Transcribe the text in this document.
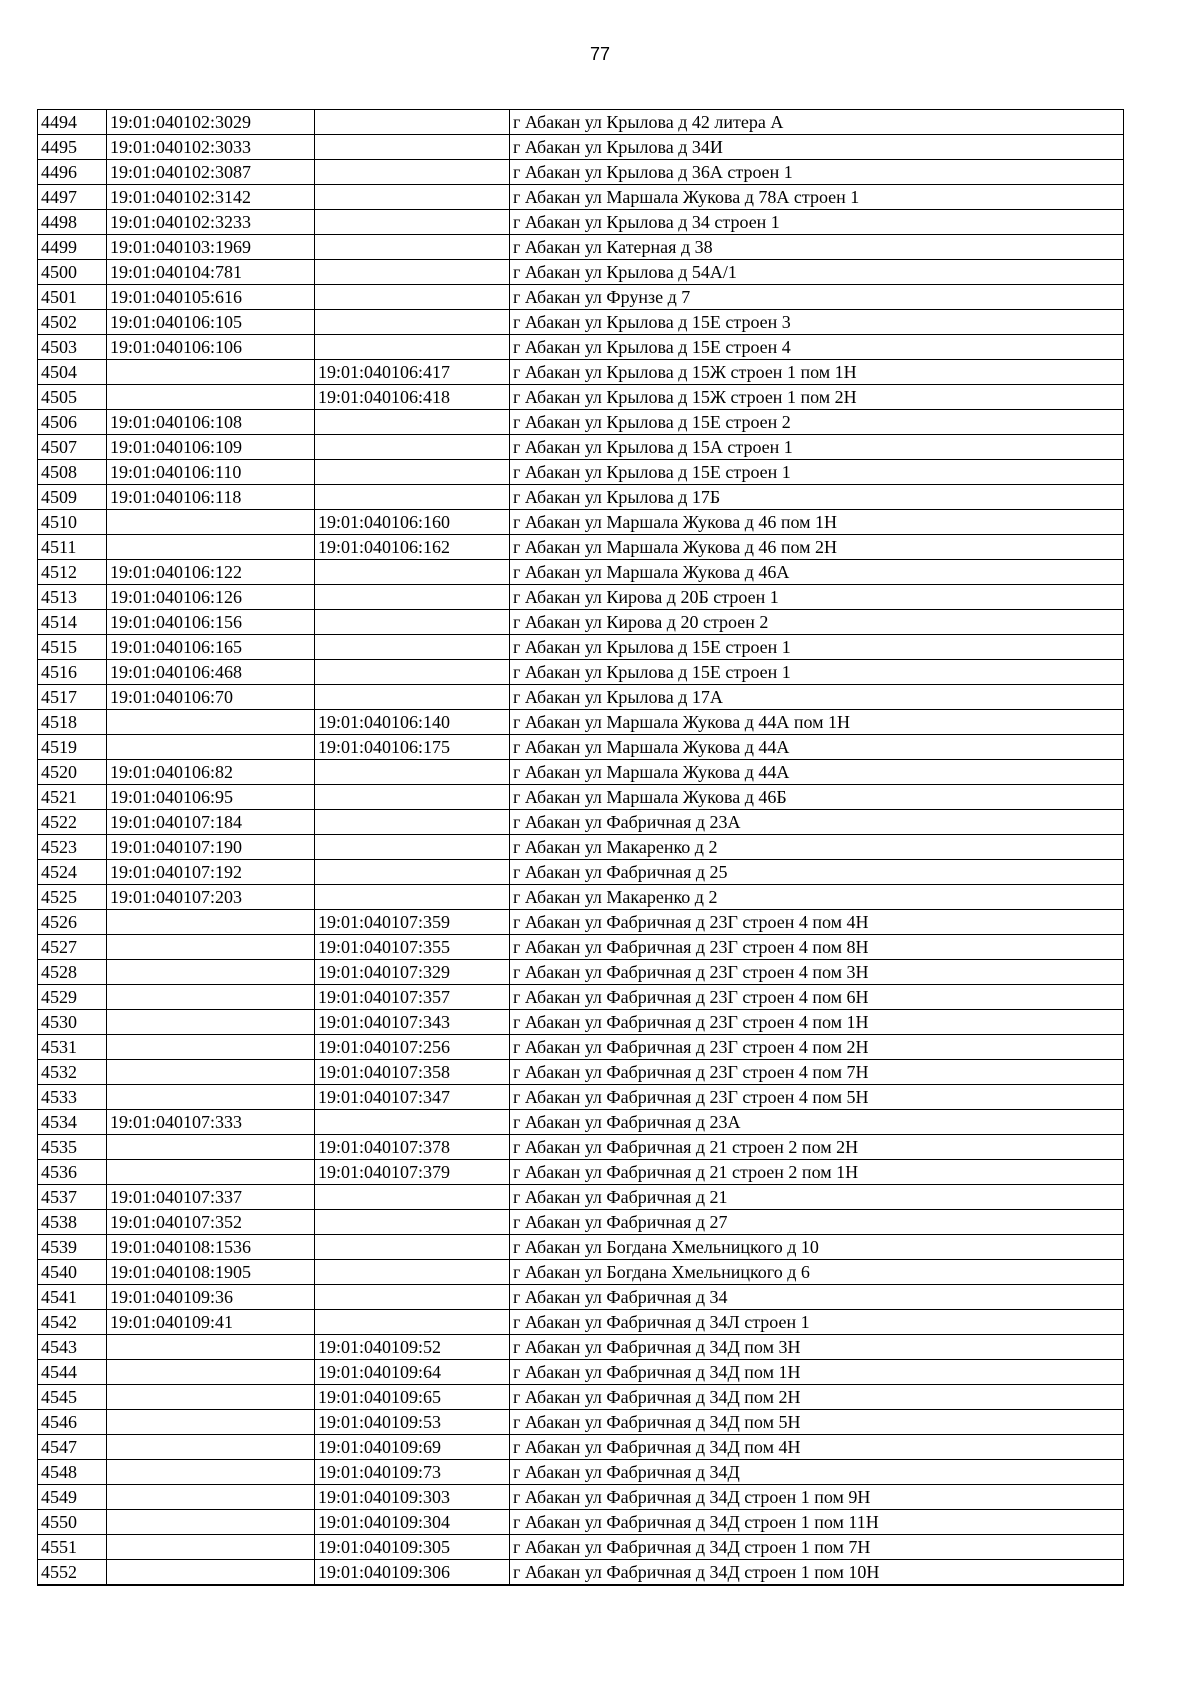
77
4494	19:01:040102:3029		г Абакан ул Крылова д 42 литера А
4495	19:01:040102:3033		г Абакан ул Крылова д 34И
4496	19:01:040102:3087		г Абакан ул Крылова д 36А строен 1
4497	19:01:040102:3142		г Абакан ул Маршала Жукова д 78А строен 1
4498	19:01:040102:3233		г Абакан ул Крылова д 34 строен 1
4499	19:01:040103:1969		г Абакан ул Катерная д 38
4500	19:01:040104:781		г Абакан ул Крылова д 54А/1
4501	19:01:040105:616		г Абакан ул Фрунзе д 7
4502	19:01:040106:105		г Абакан ул Крылова д 15Е строен 3
4503	19:01:040106:106		г Абакан ул Крылова д 15Е строен 4
4504		19:01:040106:417	г Абакан ул Крылова д 15Ж строен 1 пом 1Н
4505		19:01:040106:418	г Абакан ул Крылова д 15Ж строен 1 пом 2Н
4506	19:01:040106:108		г Абакан ул Крылова д 15Е строен 2
4507	19:01:040106:109		г Абакан ул Крылова д 15А строен 1
4508	19:01:040106:110		г Абакан ул Крылова д 15Е строен 1
4509	19:01:040106:118		г Абакан ул Крылова д 17Б
4510		19:01:040106:160	г Абакан ул Маршала Жукова д 46 пом 1Н
4511		19:01:040106:162	г Абакан ул Маршала Жукова д 46 пом 2Н
4512	19:01:040106:122		г Абакан ул Маршала Жукова д 46А
4513	19:01:040106:126		г Абакан ул Кирова д 20Б строен 1
4514	19:01:040106:156		г Абакан ул Кирова д 20 строен 2
4515	19:01:040106:165		г Абакан ул Крылова д 15Е строен 1
4516	19:01:040106:468		г Абакан ул Крылова д 15Е строен 1
4517	19:01:040106:70		г Абакан ул Крылова д 17А
4518		19:01:040106:140	г Абакан ул Маршала Жукова д 44А пом 1Н
4519		19:01:040106:175	г Абакан ул Маршала Жукова д 44А
4520	19:01:040106:82		г Абакан ул Маршала Жукова д 44А
4521	19:01:040106:95		г Абакан ул Маршала Жукова д 46Б
4522	19:01:040107:184		г Абакан ул Фабричная д 23А
4523	19:01:040107:190		г Абакан ул Макаренко д 2
4524	19:01:040107:192		г Абакан ул Фабричная д 25
4525	19:01:040107:203		г Абакан ул Макаренко д 2
4526		19:01:040107:359	г Абакан ул Фабричная д 23Г строен 4 пом 4Н
4527		19:01:040107:355	г Абакан ул Фабричная д 23Г строен 4 пом 8Н
4528		19:01:040107:329	г Абакан ул Фабричная д 23Г строен 4 пом 3Н
4529		19:01:040107:357	г Абакан ул Фабричная д 23Г строен 4 пом 6Н
4530		19:01:040107:343	г Абакан ул Фабричная д 23Г строен 4 пом 1Н
4531		19:01:040107:256	г Абакан ул Фабричная д 23Г строен 4 пом 2Н
4532		19:01:040107:358	г Абакан ул Фабричная д 23Г строен 4 пом 7Н
4533		19:01:040107:347	г Абакан ул Фабричная д 23Г строен 4 пом 5Н
4534	19:01:040107:333		г Абакан ул Фабричная д 23А
4535		19:01:040107:378	г Абакан ул Фабричная д 21 строен 2 пом 2Н
4536		19:01:040107:379	г Абакан ул Фабричная д 21 строен 2 пом 1Н
4537	19:01:040107:337		г Абакан ул Фабричная д 21
4538	19:01:040107:352		г Абакан ул Фабричная д 27
4539	19:01:040108:1536		г Абакан ул Богдана Хмельницкого д 10
4540	19:01:040108:1905		г Абакан ул Богдана Хмельницкого д 6
4541	19:01:040109:36		г Абакан ул Фабричная д 34
4542	19:01:040109:41		г Абакан ул Фабричная д 34Л строен 1
4543		19:01:040109:52	г Абакан ул Фабричная д 34Д пом 3Н
4544		19:01:040109:64	г Абакан ул Фабричная д 34Д пом 1Н
4545		19:01:040109:65	г Абакан ул Фабричная д 34Д пом 2Н
4546		19:01:040109:53	г Абакан ул Фабричная д 34Д пом 5Н
4547		19:01:040109:69	г Абакан ул Фабричная д 34Д пом 4Н
4548		19:01:040109:73	г Абакан ул Фабричная д 34Д
4549		19:01:040109:303	г Абакан ул Фабричная д 34Д строен 1 пом 9Н
4550		19:01:040109:304	г Абакан ул Фабричная д 34Д строен 1 пом 11Н
4551		19:01:040109:305	г Абакан ул Фабричная д 34Д строен 1 пом 7Н
4552		19:01:040109:306	г Абакан ул Фабричная д 34Д строен 1 пом 10Н
